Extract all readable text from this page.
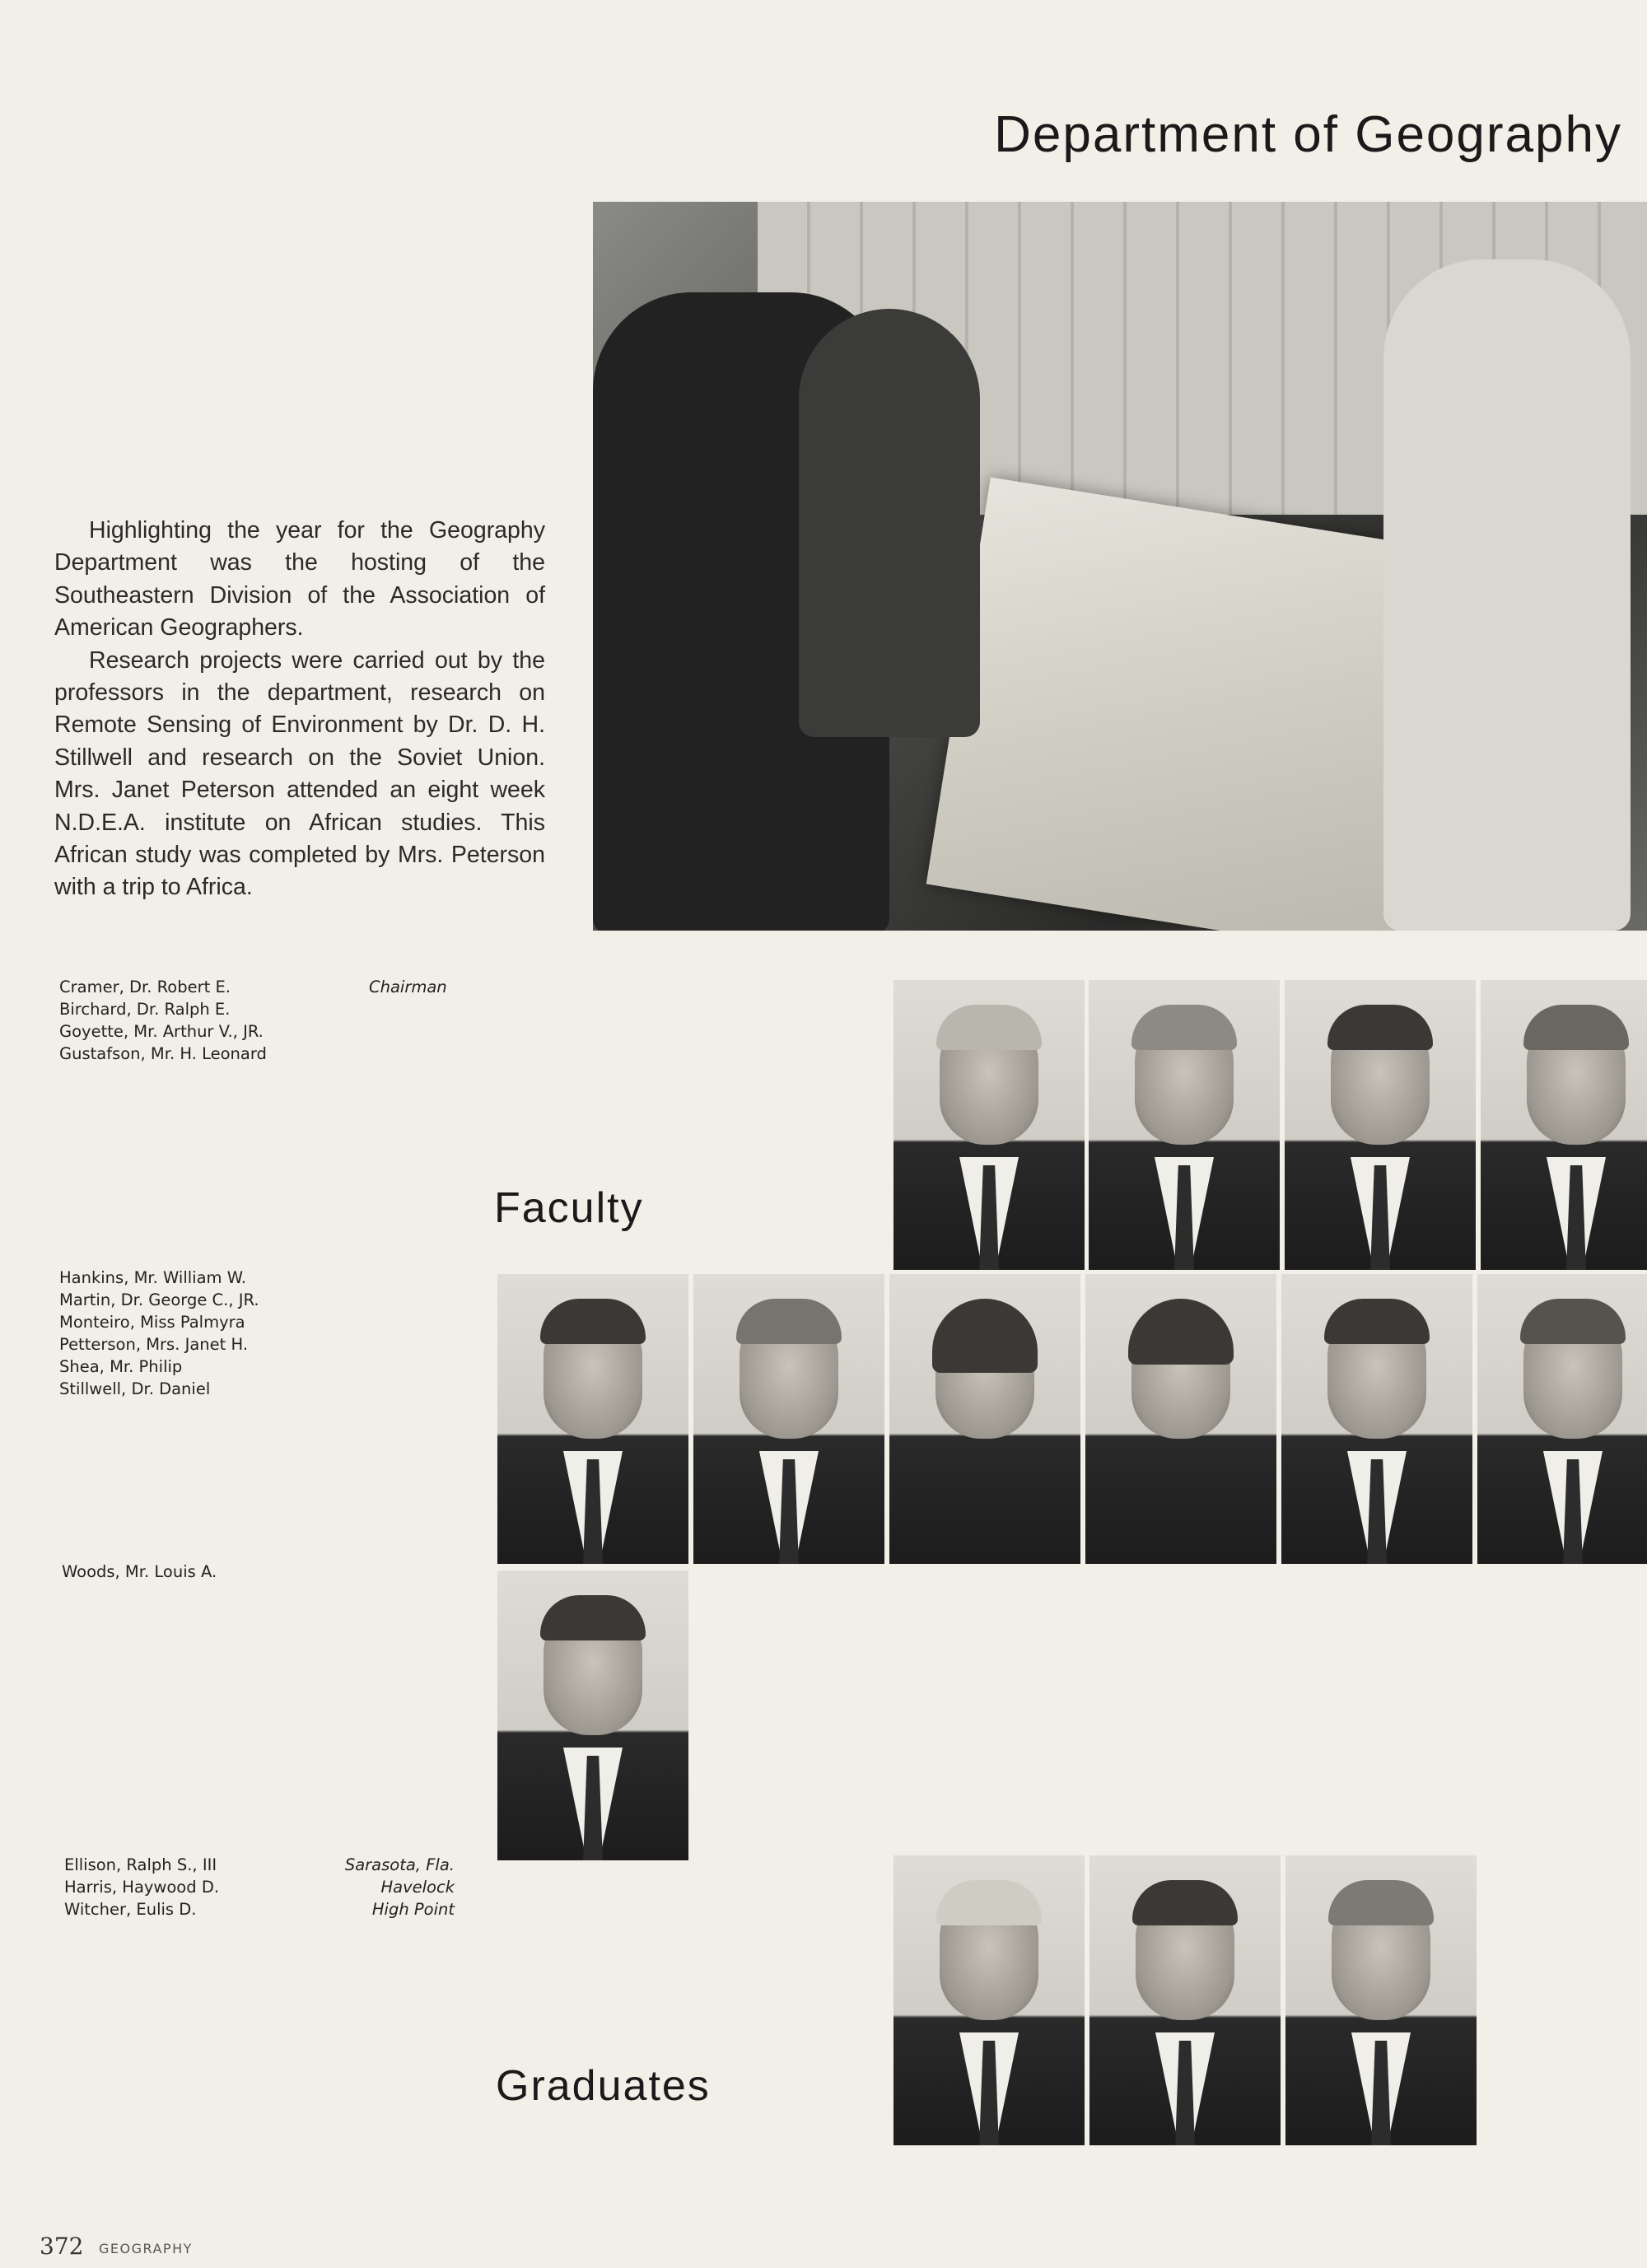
Department of Geography

Highlighting the year for the Geography Department was the hosting of the Southeastern Division of the Association of American Geographers.

Research projects were carried out by the professors in the department, research on Remote Sensing of Environment by Dr. D. H. Stillwell and research on the Soviet Union. Mrs. Janet Peterson attended an eight week N.D.E.A. institute on African studies. This African study was completed by Mrs. Peterson with a trip to Africa.

Cramer, Dr. Robert E.
Birchard, Dr. Ralph E.
Goyette, Mr. Arthur V., JR.
Gustafson, Mr. H. Leonard
Chairman
Faculty
Hankins, Mr. William W.
Martin, Dr. George C., JR.
Monteiro, Miss Palmyra
Petterson, Mrs. Janet H.
Shea, Mr. Philip
Stillwell, Dr. Daniel
Woods, Mr. Louis A.
Ellison, Ralph S., III
Harris, Haywood D.
Witcher, Eulis D.
Sarasota, Fla.
Havelock
High Point
Graduates
372 GEOGRAPHY
